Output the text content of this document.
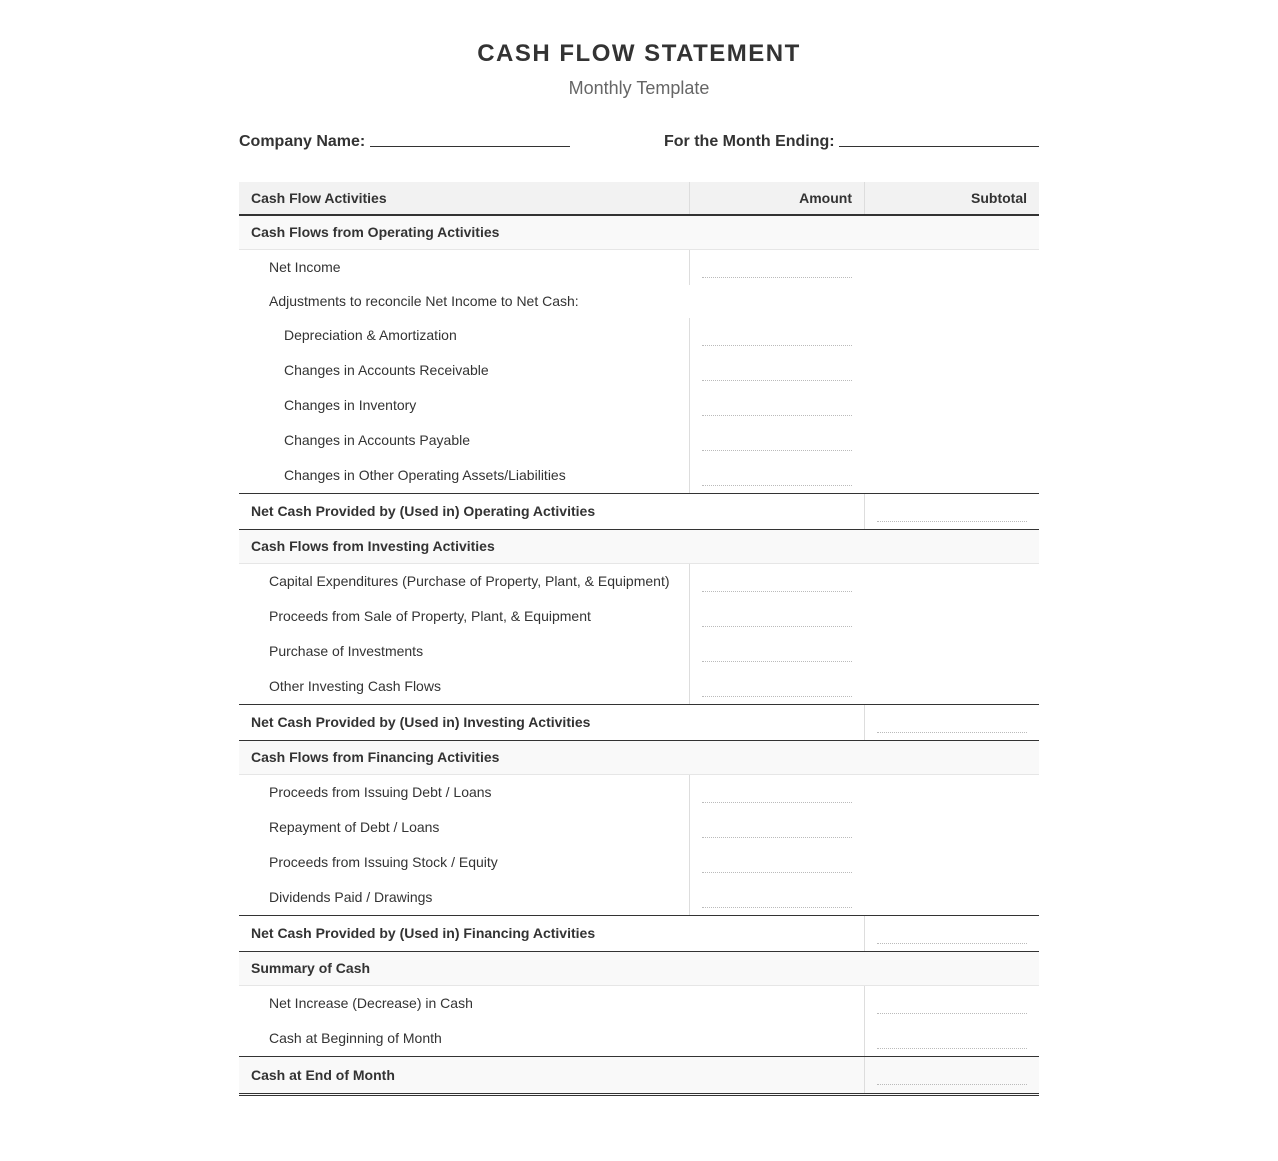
CASH FLOW STATEMENT
Monthly Template
Company Name:	For the Month Ending:
Cash Flow Activities	Amount	Subtotal
Cash Flows from Operating Activities
Net Income
Adjustments to reconcile Net Income to Net Cash:
Depreciation & Amortization
Changes in Accounts Receivable
Changes in Inventory
Changes in Accounts Payable
Changes in Other Operating Assets/Liabilities
Net Cash Provided by (Used in) Operating Activities
Cash Flows from Investing Activities
Capital Expenditures (Purchase of Property, Plant, & Equipment)
Proceeds from Sale of Property, Plant, & Equipment
Purchase of Investments
Other Investing Cash Flows
Net Cash Provided by (Used in) Investing Activities
Cash Flows from Financing Activities
Proceeds from Issuing Debt / Loans
Repayment of Debt / Loans
Proceeds from Issuing Stock / Equity
Dividends Paid / Drawings
Net Cash Provided by (Used in) Financing Activities
Summary of Cash
Net Increase (Decrease) in Cash
Cash at Beginning of Month
Cash at End of Month
